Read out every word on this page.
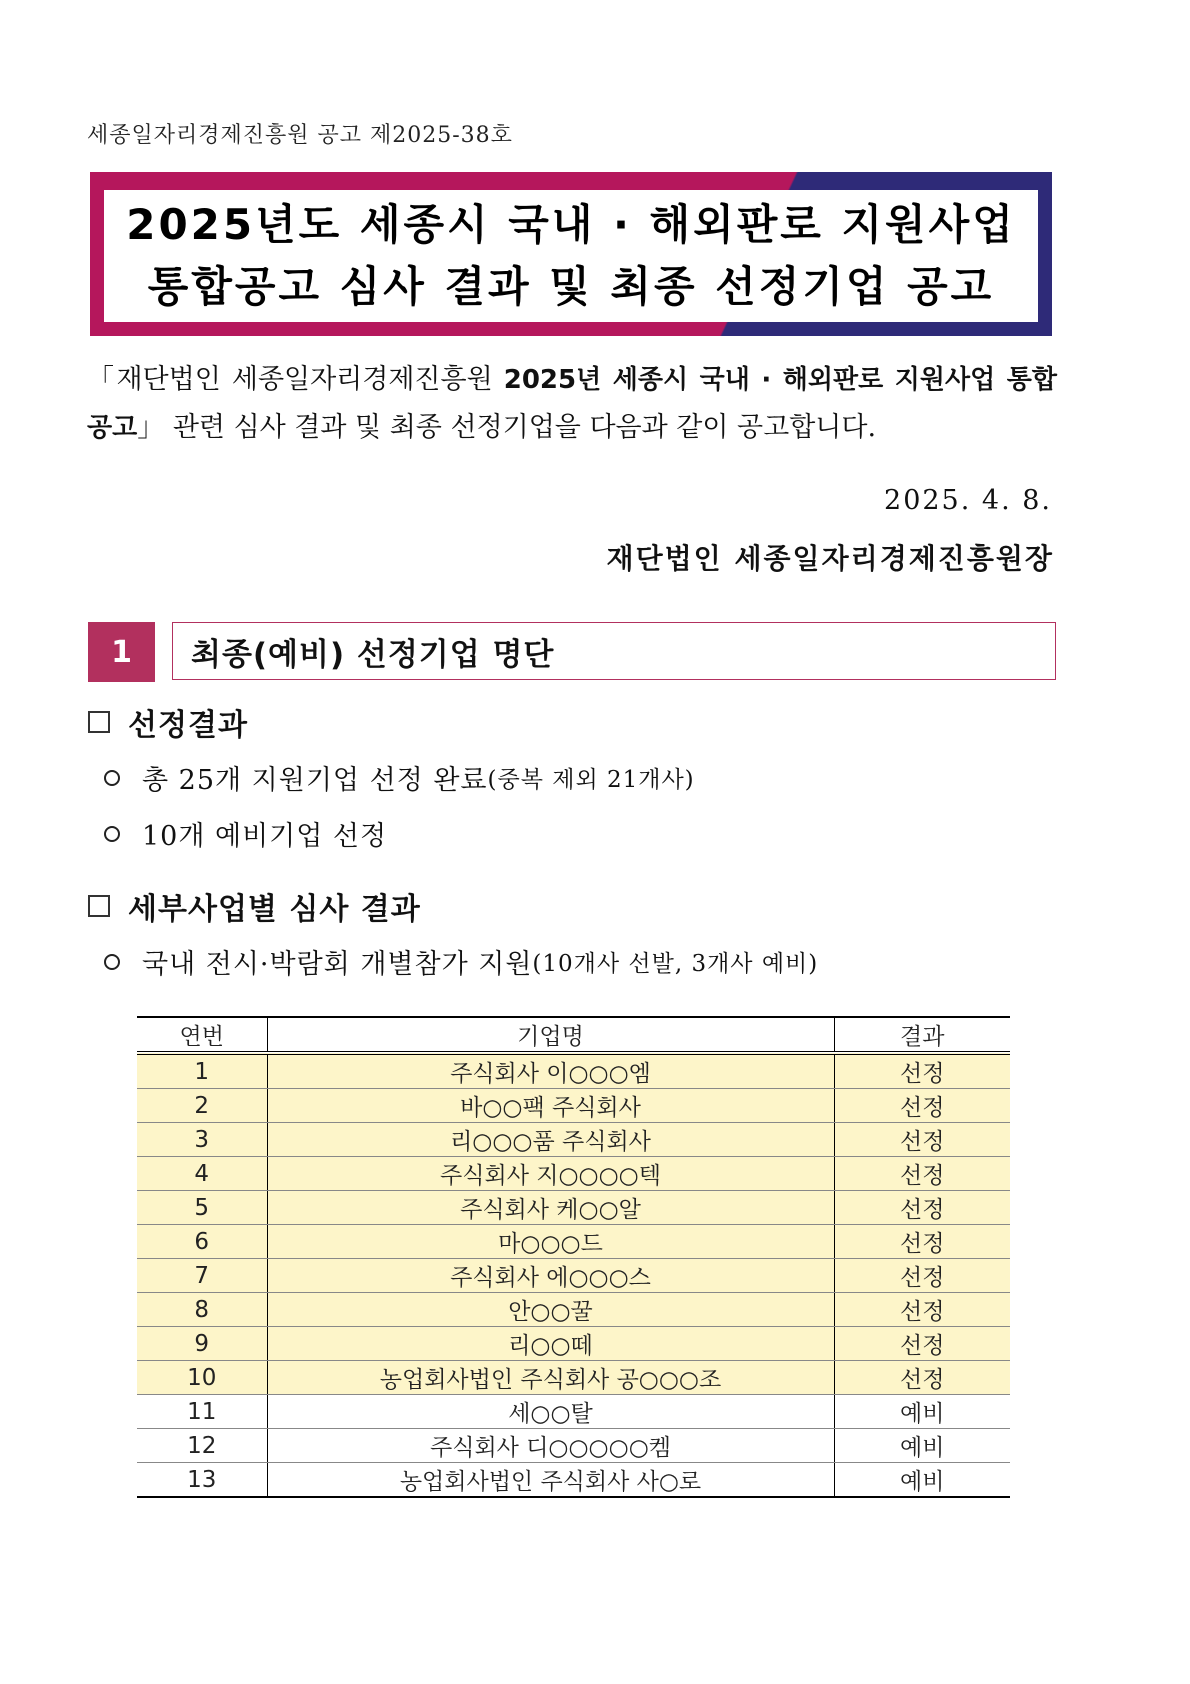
세종일자리경제진흥원 공고 제2025-38호
2025년도 세종시 국내 · 해외판로 지원사업
통합공고 심사 결과 및 최종 선정기업 공고
「재단법인 세종일자리경제진흥원 2025년 세종시 국내 · 해외판로 지원사업 통합공고」 관련 심사 결과 및 최종 선정기업을 다음과 같이 공고합니다.
2025. 4. 8.
재단법인 세종일자리경제진흥원장
1	최종(예비) 선정기업 명단
선정결과
총 25개 지원기업 선정 완료 (중복 제외 21개사)
10개 예비기업 선정
세부사업별 심사 결과
국내 전시·박람회 개별참가 지원 (10개사 선발, 3개사 예비)
연번	기업명	결과
1	주식회사 이○○○엠	선정
2	바○○팩 주식회사	선정
3	리○○○품 주식회사	선정
4	주식회사 지○○○○텍	선정
5	주식회사 케○○알	선정
6	마○○○드	선정
7	주식회사 에○○○스	선정
8	안○○꿀	선정
9	리○○떼	선정
10	농업회사법인 주식회사 공○○○조	선정
11	세○○탈	예비
12	주식회사 디○○○○○켐	예비
13	농업회사법인 주식회사 사○로	예비
